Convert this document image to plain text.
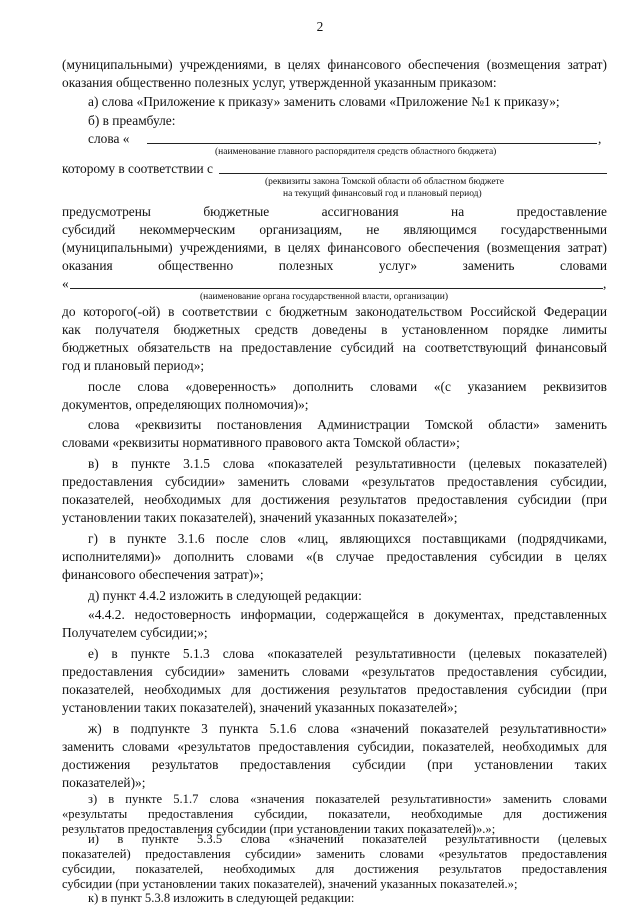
2
(муниципальными) учреждениями, в целях финансового обеспечения (возмещения затрат)
оказания общественно полезных услуг, утвержденной указанным приказом:
а) слова «Приложение к приказу» заменить словами «Приложение №1 к приказу»;
б) в преамбуле:
слова «	,
(наименование главного распорядителя средств областного бюджета)
которому в соответствии с
(реквизиты закона Томской области об областном бюджете
на текущий финансовый год и плановый период)
предусмотрены бюджетные ассигнования на предоставление
субсидий некоммерческим организациям, не являющимся государственными
(муниципальными) учреждениями, в целях финансового обеспечения (возмещения затрат)
оказания общественно полезных услуг» заменить словами
«	,
(наименование органа государственной власти, организации)
до которого(-ой) в соответствии с бюджетным законодательством Российской Федерации
как получателя бюджетных средств доведены в установленном порядке лимиты
бюджетных обязательств на предоставление субсидий на соответствующий финансовый
год и плановый период»;
после слова «доверенность» дополнить словами «(с указанием реквизитов
документов, определяющих полномочия)»;
слова «реквизиты постановления Администрации Томской области» заменить
словами «реквизиты нормативного правового акта Томской области»;
в) в пункте 3.1.5 слова «показателей результативности (целевых показателей)
предоставления субсидии» заменить словами «результатов предоставления субсидии,
показателей, необходимых для достижения результатов предоставления субсидии (при
установлении таких показателей), значений указанных показателей»;
г) в пункте 3.1.6 после слов «лиц, являющихся поставщиками (подрядчиками,
исполнителями)» дополнить словами «(в случае предоставления субсидии в целях
финансового обеспечения затрат)»;
д) пункт 4.4.2 изложить в следующей редакции:
«4.4.2. недостоверность информации, содержащейся в документах, представленных
Получателем субсидии;»;
е) в пункте 5.1.3 слова «показателей результативности (целевых показателей)
предоставления субсидии» заменить словами «результатов предоставления субсидии,
показателей, необходимых для достижения результатов предоставления субсидии (при
установлении таких показателей), значений указанных показателей»;
ж) в подпункте 3 пункта 5.1.6 слова «значений показателей результативности»
заменить словами «результатов предоставления субсидии, показателей, необходимых для
достижения результатов предоставления субсидии (при установлении таких
показателей)»;
з) в пункте 5.1.7 слова «значения показателей результативности» заменить словами
«результаты предоставления субсидии, показатели, необходимые для достижения
результатов предоставления субсидии (при установлении таких показателей)».»;
и) в пункте 5.3.5 слова «значений показателей результативности (целевых
показателей) предоставления субсидии» заменить словами «результатов предоставления
субсидии, показателей, необходимых для достижения результатов предоставления
субсидии (при установлении таких показателей), значений указанных показателей.»;
к) в пункт 5.3.8 изложить в следующей редакции:
